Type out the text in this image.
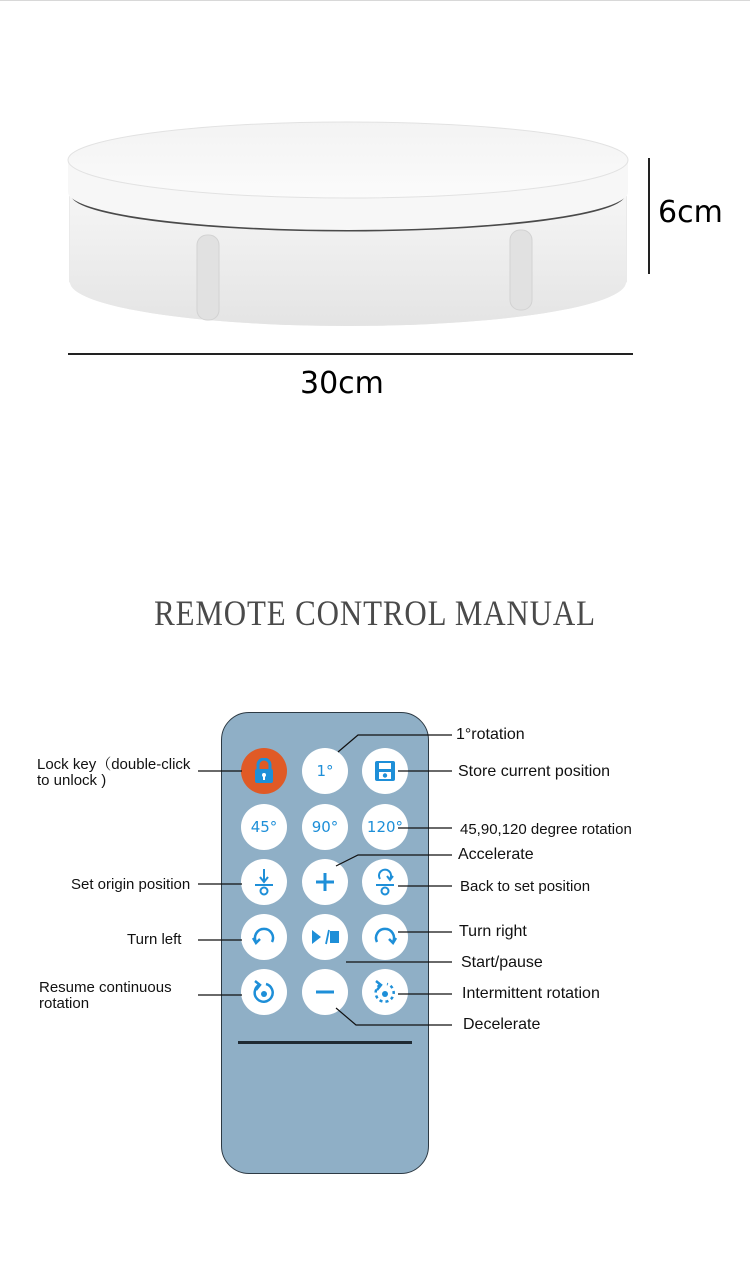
6cm
30cm
REMOTE CONTROL MANUAL
1°
45°	90°	120°
Lock key（double-click
to unlock )
1°rotation
Store current position
45,90,120 degree rotation
Accelerate
Set origin position	Back to set position
Turn left	Turn right
Start/pause
Resume continuous
rotation
Intermittent rotation
Decelerate
